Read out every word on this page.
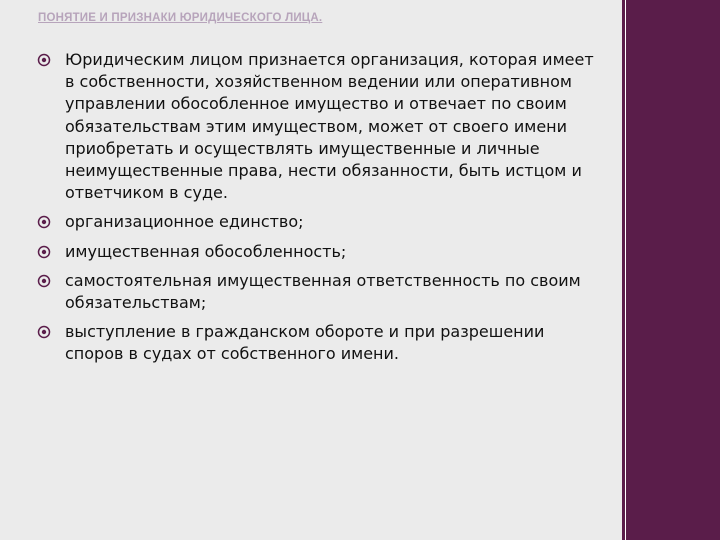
ПОНЯТИЕ И ПРИЗНАКИ ЮРИДИЧЕСКОГО ЛИЦА.
Юридическим лицом признается организация, которая имеет в собственности, хозяйственном ведении или оперативном управлении обособленное имущество и отвечает по своим обязательствам этим имуществом, может от своего имени приобретать и осуществлять имущественные и личные неимущественные права, нести обязанности, быть истцом и ответчиком в суде.
организационное единство;
имущественная обособленность;
самостоятельная имущественная ответственность по своим обязательствам;
выступление в гражданском обороте и при разрешении споров в судах от собственного имени.
